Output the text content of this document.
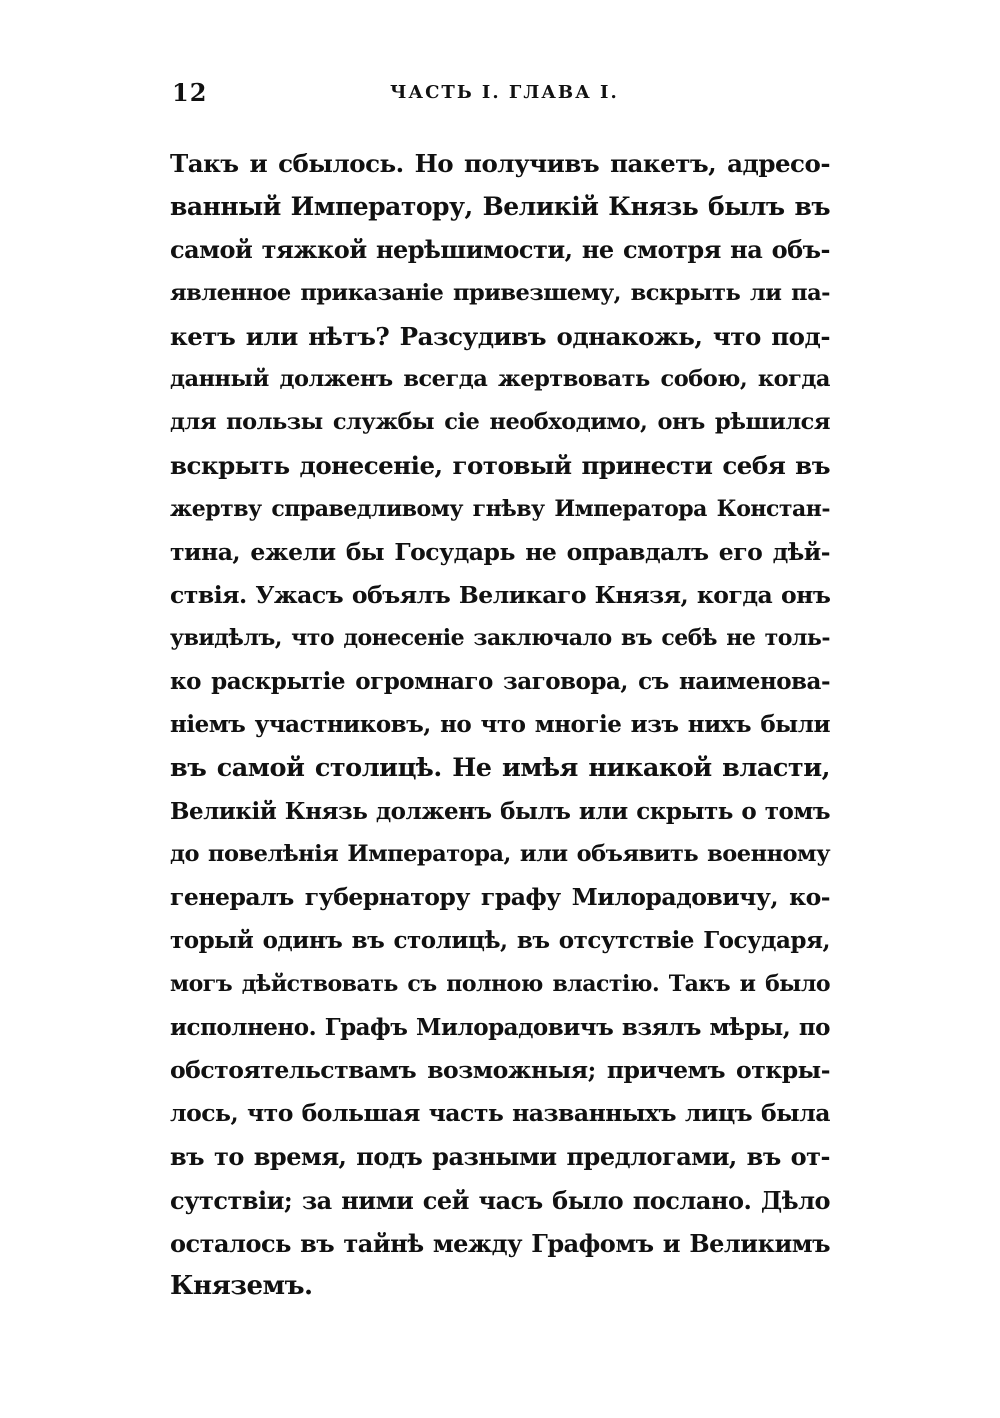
12	ЧАСТЬ I. ГЛАВА I.
Такъ и сбылось. Но получивъ пакетъ, адресо-
ванный Императору, Великій Князь былъ въ
самой тяжкой нерѣшимости, не смотря на объ-
явленное приказаніе привезшему, вскрыть ли па-
кетъ или нѣтъ? Разсудивъ однакожь, что под-
данный долженъ всегда жертвовать собою, когда
для пользы службы сіе необходимо, онъ рѣшился
вскрыть донесеніе, готовый принести себя въ
жертву справедливому гнѣву Императора Констан-
тина, ежели бы Государь не оправдалъ его дѣй-
ствія. Ужасъ объялъ Великаго Князя, когда онъ
увидѣлъ, что донесеніе заключало въ себѣ не толь-
ко раскрытіе огромнаго заговора, съ наименова-
ніемъ участниковъ, но что многіе изъ нихъ были
въ самой столицѣ. Не имѣя никакой власти,
Великій Князь долженъ былъ или скрыть о томъ
до повелѣнія Императора, или объявить военному
генералъ губернатору графу Милорадовичу, ко-
торый одинъ въ столицѣ, въ отсутствіе Государя,
могъ дѣйствовать съ полною властію. Такъ и было
исполнено. Графъ Милорадовичъ взялъ мѣры, по
обстоятельствамъ возможныя; причемъ откры-
лось, что большая часть названныхъ лицъ была
въ то время, подъ разными предлогами, въ от-
сутствіи; за ними сей часъ было послано. Дѣло
осталось въ тайнѣ между Графомъ и Великимъ
Княземъ.
